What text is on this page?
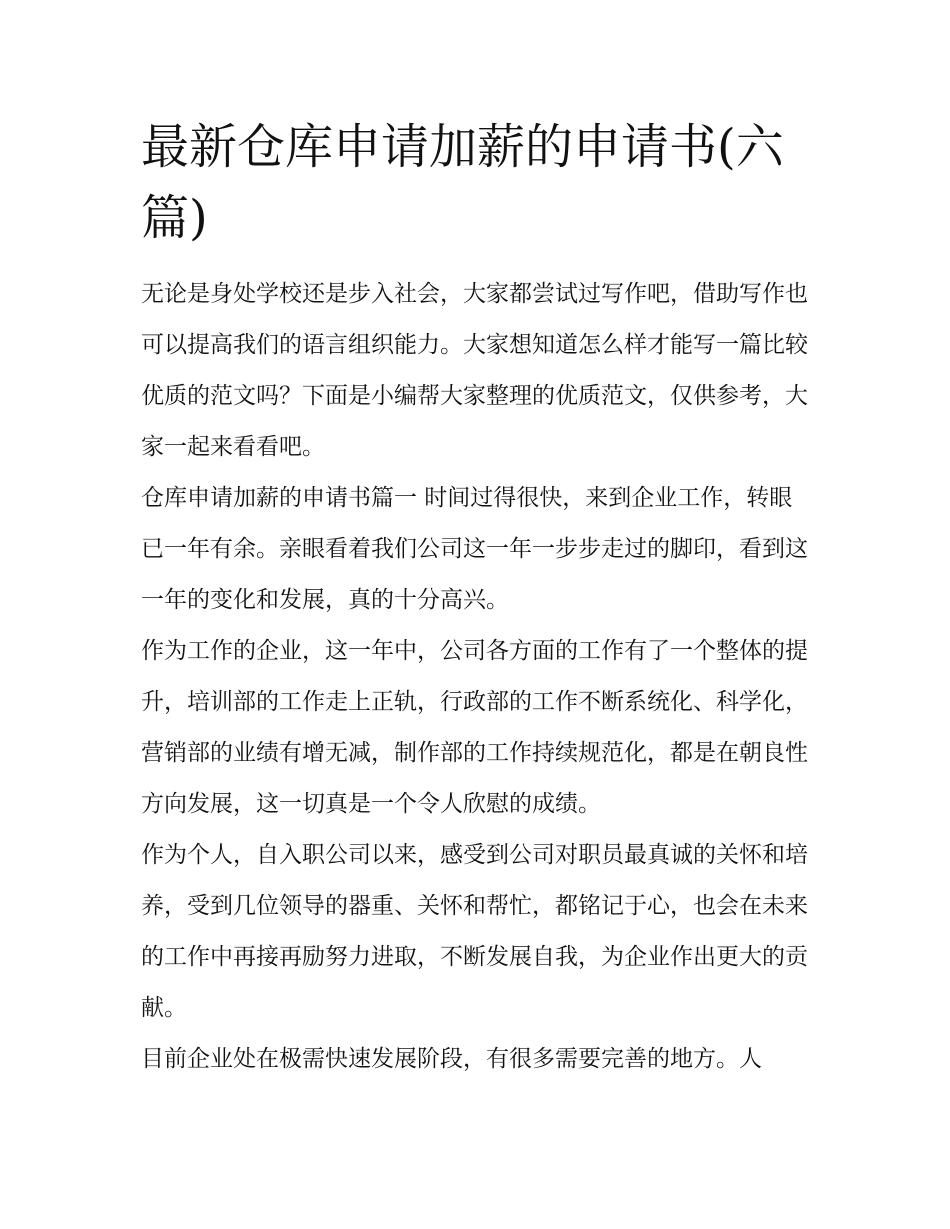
最新仓库申请加薪的申请书(六篇)

无论是身处学校还是步入社会，大家都尝试过写作吧，借助写作也可以提高我们的语言组织能力。大家想知道怎么样才能写一篇比较优质的范文吗？下面是小编帮大家整理的优质范文，仅供参考，大家一起来看看吧。

仓库申请加薪的申请书篇一 时间过得很快，来到企业工作，转眼已一年有余。亲眼看着我们公司这一年一步步走过的脚印，看到这一年的变化和发展，真的十分高兴。

作为工作的企业，这一年中，公司各方面的工作有了一个整体的提升，培训部的工作走上正轨，行政部的工作不断系统化、科学化，营销部的业绩有增无减，制作部的工作持续规范化，都是在朝良性方向发展，这一切真是一个令人欣慰的成绩。

作为个人，自入职公司以来，感受到公司对职员最真诚的关怀和培养，受到几位领导的器重、关怀和帮忙，都铭记于心，也会在未来的工作中再接再励努力进取，不断发展自我，为企业作出更大的贡献。

目前企业处在极需快速发展阶段，有很多需要完善的地方。人
